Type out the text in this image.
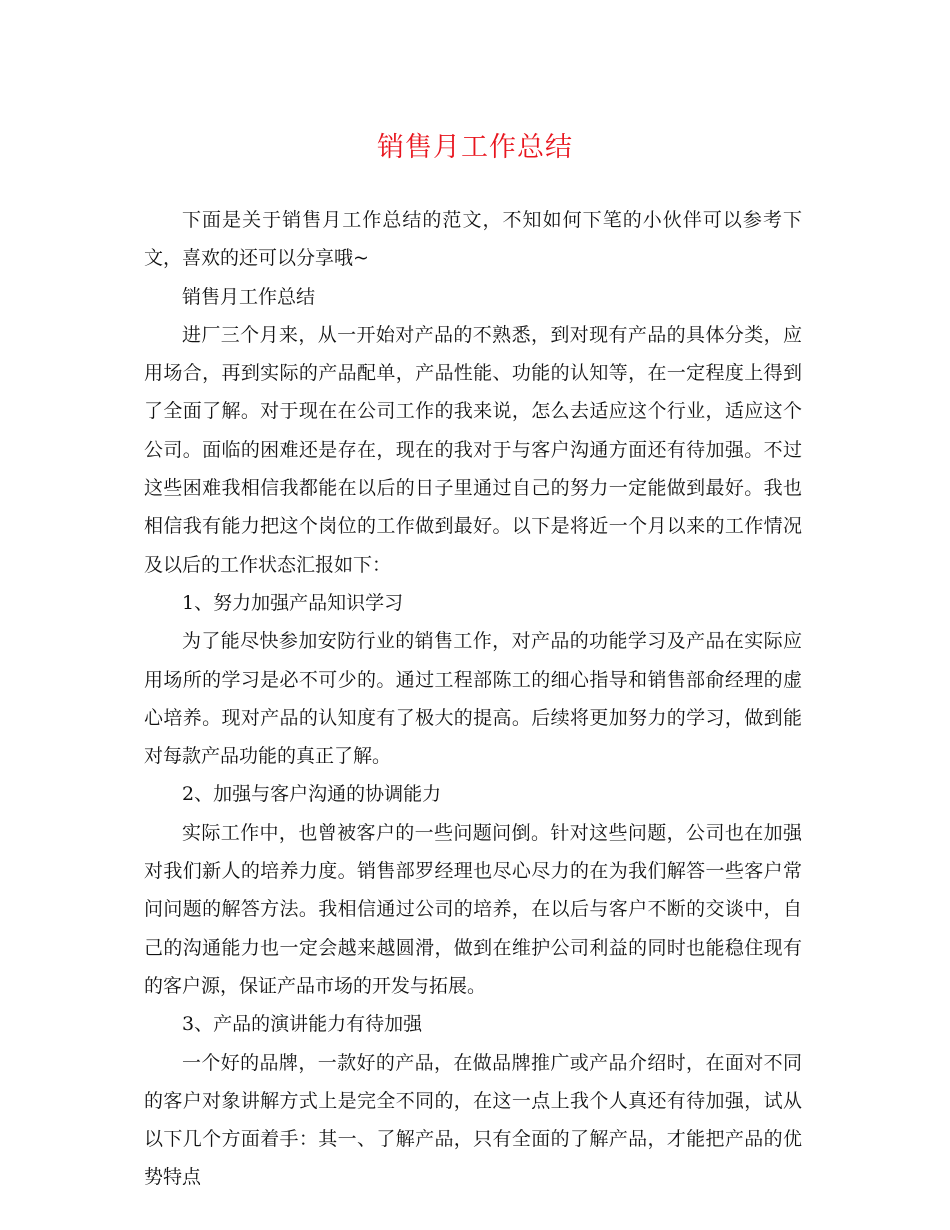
销售月工作总结

下面是关于销售月工作总结的范文，不知如何下笔的小伙伴可以参考下文，喜欢的还可以分享哦~

销售月工作总结

进厂三个月来，从一开始对产品的不熟悉，到对现有产品的具体分类，应用场合，再到实际的产品配单，产品性能、功能的认知等，在一定程度上得到了全面了解。对于现在在公司工作的我来说，怎么去适应这个行业，适应这个公司。面临的困难还是存在，现在的我对于与客户沟通方面还有待加强。不过这些困难我相信我都能在以后的日子里通过自己的努力一定能做到最好。我也相信我有能力把这个岗位的工作做到最好。以下是将近一个月以来的工作情况及以后的工作状态汇报如下：

1、努力加强产品知识学习

为了能尽快参加安防行业的销售工作，对产品的功能学习及产品在实际应用场所的学习是必不可少的。通过工程部陈工的细心指导和销售部俞经理的虚心培养。现对产品的认知度有了极大的提高。后续将更加努力的学习，做到能对每款产品功能的真正了解。

2、加强与客户沟通的协调能力

实际工作中，也曾被客户的一些问题问倒。针对这些问题，公司也在加强对我们新人的培养力度。销售部罗经理也尽心尽力的在为我们解答一些客户常问问题的解答方法。我相信通过公司的培养，在以后与客户不断的交谈中，自己的沟通能力也一定会越来越圆滑，做到在维护公司利益的同时也能稳住现有的客户源，保证产品市场的开发与拓展。

3、产品的演讲能力有待加强

一个好的品牌，一款好的产品，在做品牌推广或产品介绍时，在面对不同的客户对象讲解方式上是完全不同的，在这一点上我个人真还有待加强，试从以下几个方面着手：其一、了解产品，只有全面的了解产品，才能把产品的优势特点
